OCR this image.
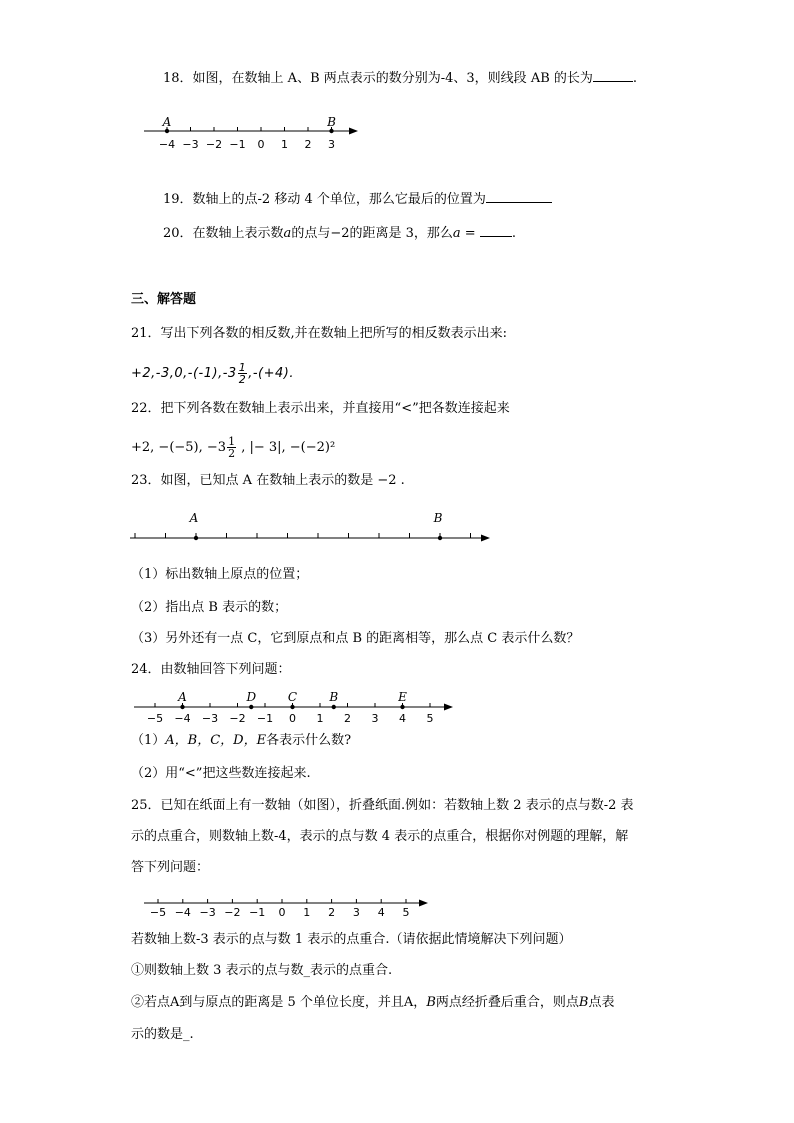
18．如图，在数轴上 A、B 两点表示的数分别为-4、3，则线段 AB 的长为	.
−4 −3 −2 −1 0 1 2 3
A	B
19．数轴上的点-2 移动 4 个单位，那么它最后的位置为
20．在数轴上表示数a的点与−2的距离是 3，那么a = .
三、解答题
21．写出下列各数的相反数,并在数轴上把所写的相反数表示出来:
$+2,-3,0,-(-1),-3 \frac{1}{2} ,-(+4)$.
22．把下列各数在数轴上表示出来，并直接用“<”把各数连接起来
+2, −(−5), $-3 \frac{1}{2}$ , |− 3|, −(−2)²
23．如图，已知点 A 在数轴上表示的数是 −2 .
A	B
（1）标出数轴上原点的位置；
（2）指出点 B 表示的数；
（3）另外还有一点 C，它到原点和点 B 的距离相等，那么点 C 表示什么数？
24．由数轴回答下列问题：
−5 −4 −3 −2 −1 0 1 2 3 4 5
A	D	C	B	E
（1）A，B，C，D，E各表示什么数?
（2）用“<”把这些数连接起来.
25．已知在纸面上有一数轴（如图），折叠纸面.例如：若数轴上数 2 表示的点与数-2 表
示的点重合，则数轴上数-4，表示的点与数 4 表示的点重合，根据你对例题的理解，解
答下列问题：
−5 −4 −3 −2 −1 0 1 2 3 4 5
若数轴上数-3 表示的点与数 1 表示的点重合.（请依据此情境解决下列问题）
①则数轴上数 3 表示的点与数_表示的点重合.
②若点A到与原点的距离是 5 个单位长度，并且A，B两点经折叠后重合，则点B点表
示的数是_.
